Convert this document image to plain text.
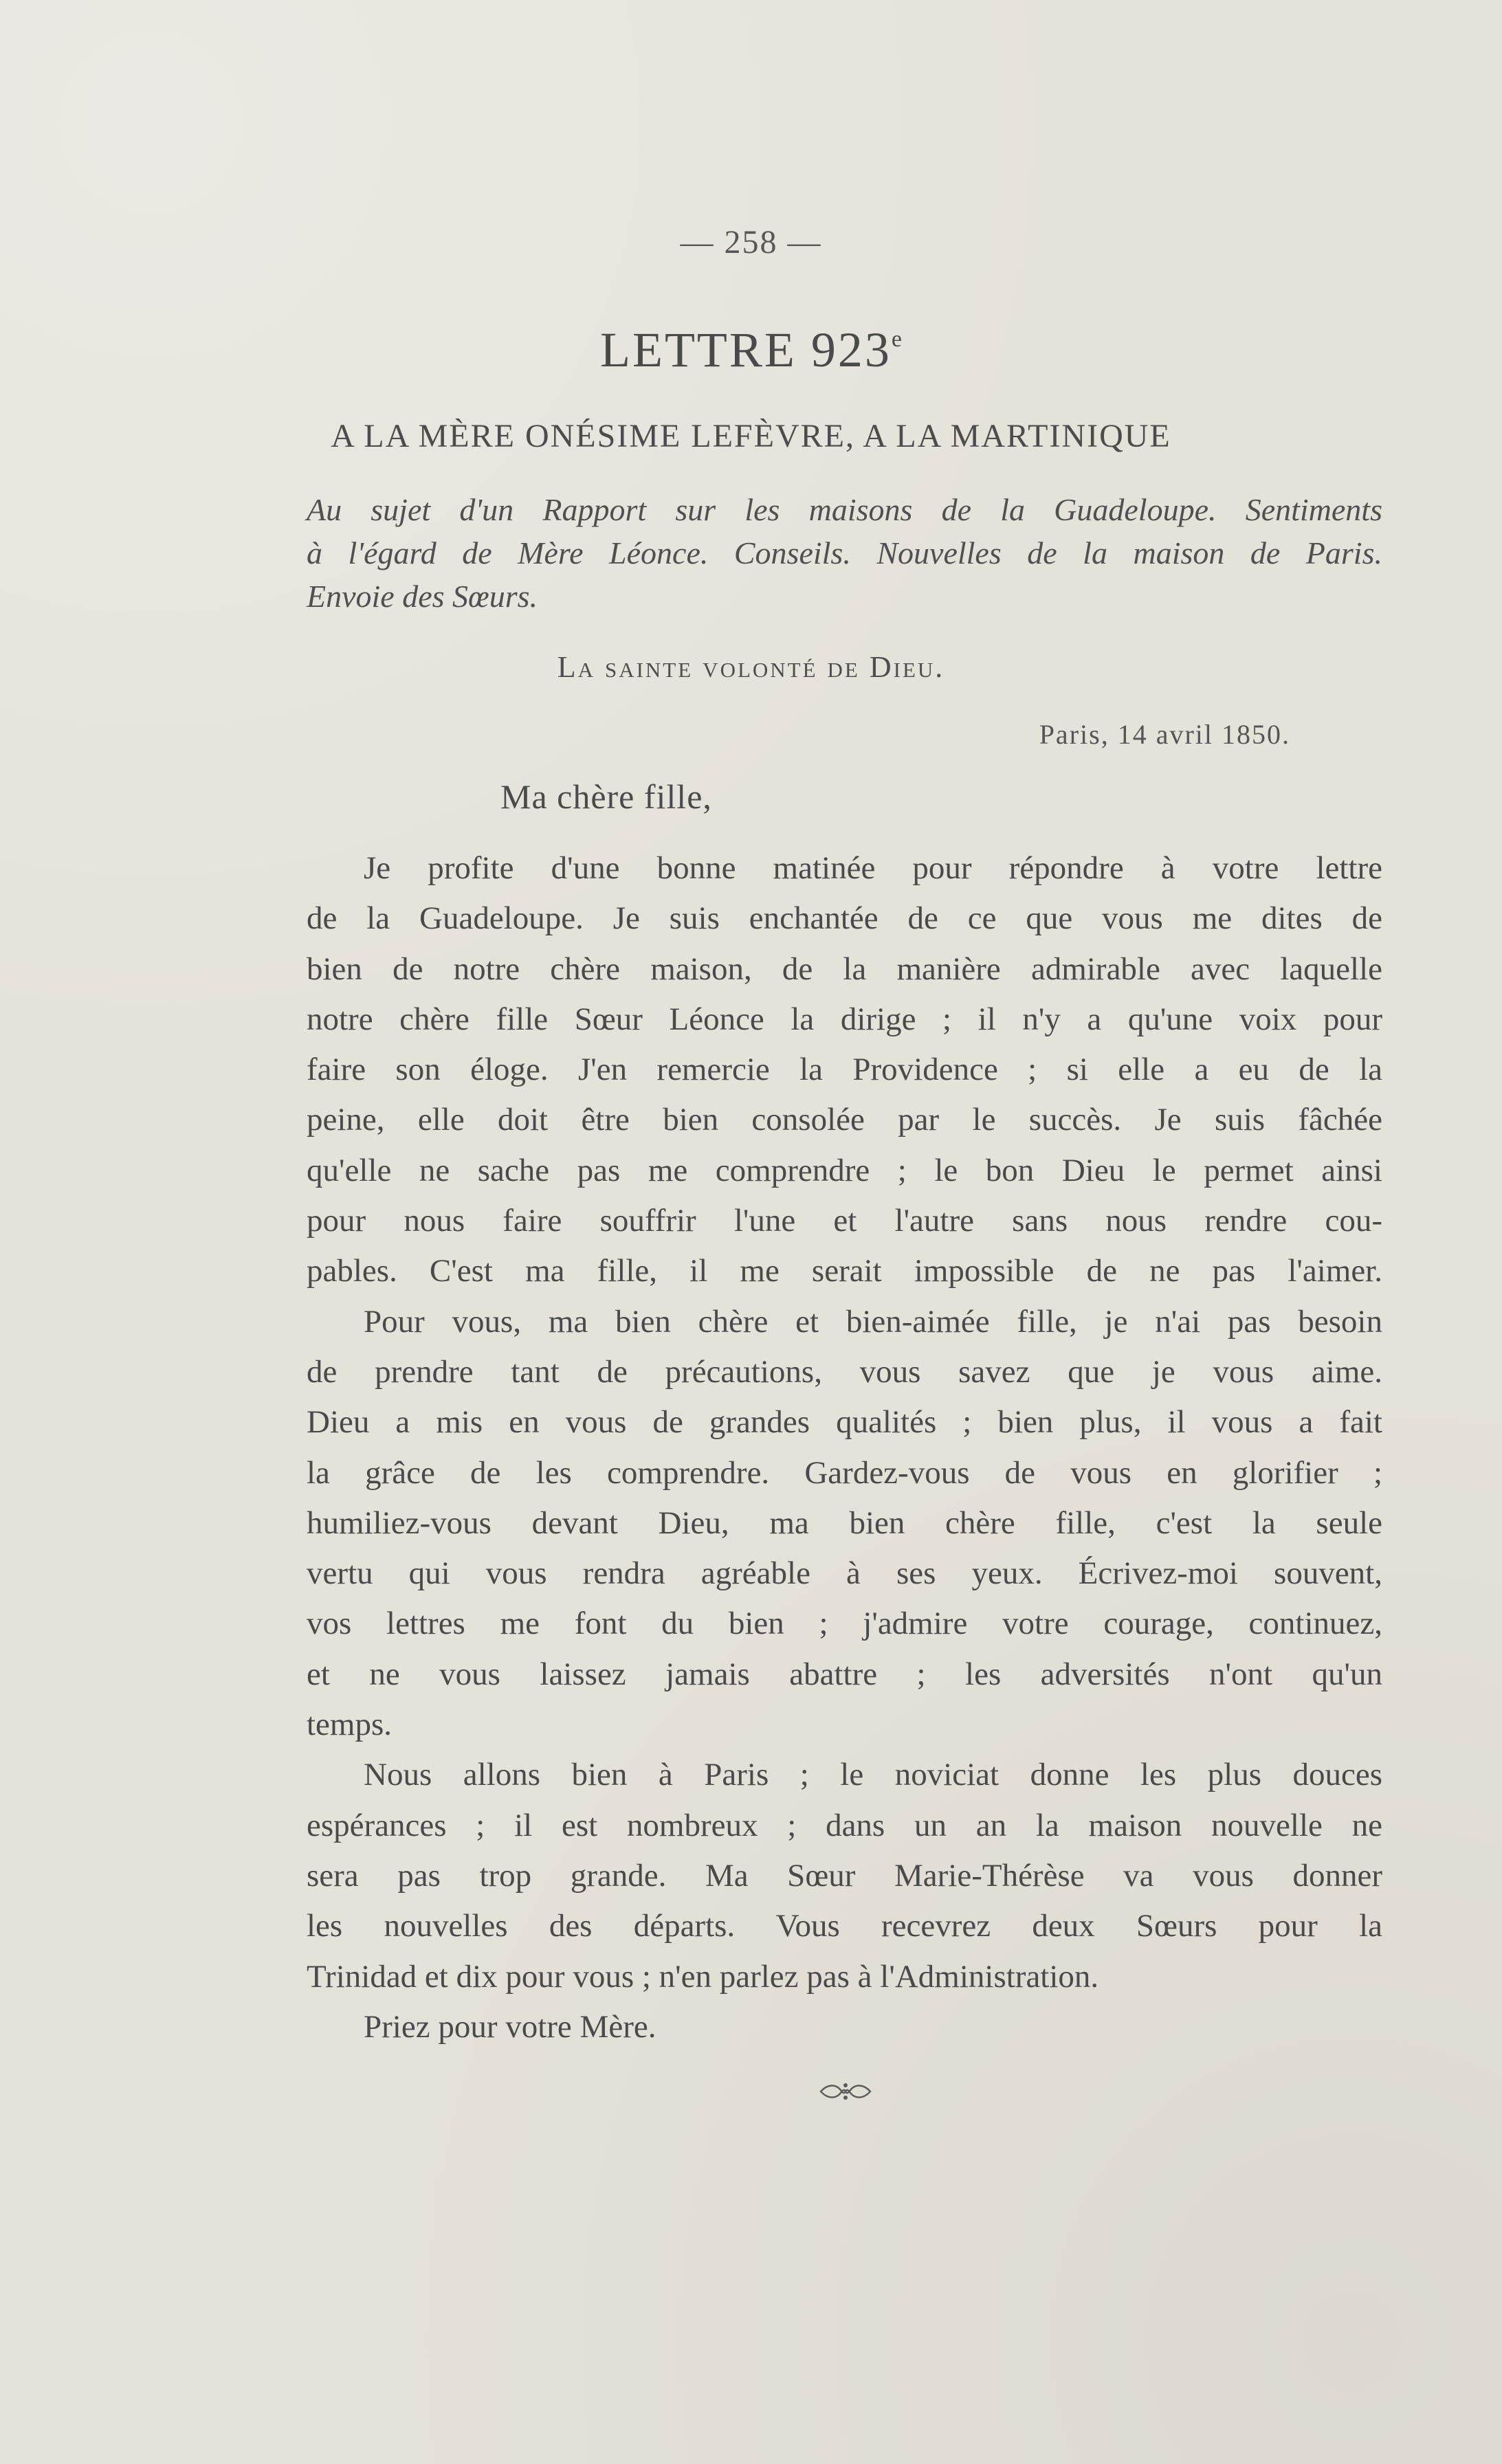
— 258 —
LETTRE 923e
A LA MÈRE ONÉSIME LEFÈVRE, A LA MARTINIQUE
Au sujet d'un Rapport sur les maisons de la Guadeloupe. Sentiments
à l'égard de Mère Léonce. Conseils. Nouvelles de la maison de Paris.
Envoie des Sœurs.
La sainte volonté de Dieu.
Paris, 14 avril 1850.
Ma chère fille,
Je profite d'une bonne matinée pour répondre à votre lettre
de la Guadeloupe. Je suis enchantée de ce que vous me dites de
bien de notre chère maison, de la manière admirable avec laquelle
notre chère fille Sœur Léonce la dirige ; il n'y a qu'une voix pour
faire son éloge. J'en remercie la Providence ; si elle a eu de la
peine, elle doit être bien consolée par le succès. Je suis fâchée
qu'elle ne sache pas me comprendre ; le bon Dieu le permet ainsi
pour nous faire souffrir l'une et l'autre sans nous rendre cou-
pables. C'est ma fille, il me serait impossible de ne pas l'aimer.
Pour vous, ma bien chère et bien-aimée fille, je n'ai pas besoin
de prendre tant de précautions, vous savez que je vous aime.
Dieu a mis en vous de grandes qualités ; bien plus, il vous a fait
la grâce de les comprendre. Gardez-vous de vous en glorifier ;
humiliez-vous devant Dieu, ma bien chère fille, c'est la seule
vertu qui vous rendra agréable à ses yeux. Écrivez-moi souvent,
vos lettres me font du bien ; j'admire votre courage, continuez,
et ne vous laissez jamais abattre ; les adversités n'ont qu'un
temps.
Nous allons bien à Paris ; le noviciat donne les plus douces
espérances ; il est nombreux ; dans un an la maison nouvelle ne
sera pas trop grande. Ma Sœur Marie-Thérèse va vous donner
les nouvelles des départs. Vous recevrez deux Sœurs pour la
Trinidad et dix pour vous ; n'en parlez pas à l'Administration.
Priez pour votre Mère.
